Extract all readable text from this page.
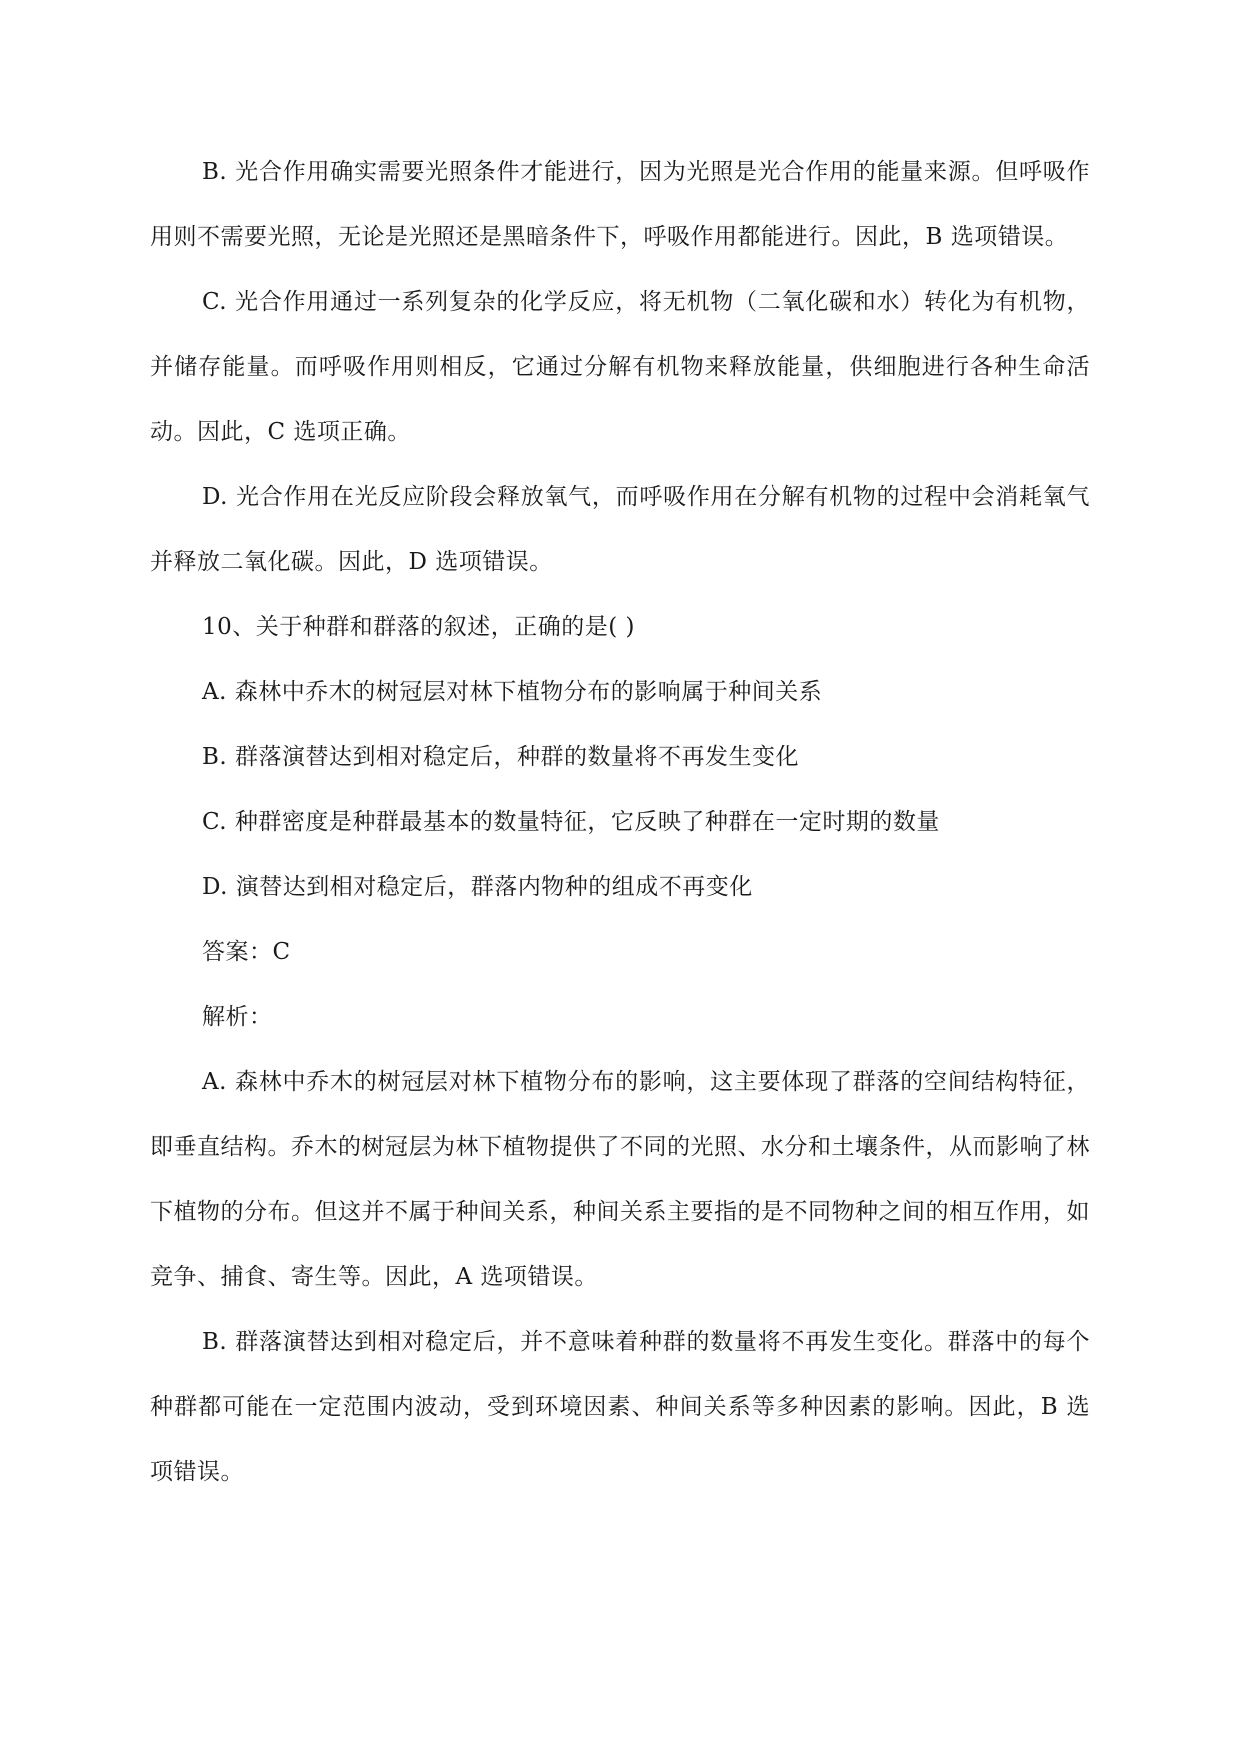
B. 光合作用确实需要光照条件才能进行，因为光照是光合作用的能量来源。但呼吸作用则不需要光照，无论是光照还是黑暗条件下，呼吸作用都能进行。因此，B 选项错误。

C. 光合作用通过一系列复杂的化学反应，将无机物（二氧化碳和水）转化为有机物，并储存能量。而呼吸作用则相反，它通过分解有机物来释放能量，供细胞进行各种生命活动。因此，C 选项正确。

D. 光合作用在光反应阶段会释放氧气，而呼吸作用在分解有机物的过程中会消耗氧气并释放二氧化碳。因此，D 选项错误。

10、关于种群和群落的叙述，正确的是( )

A. 森林中乔木的树冠层对林下植物分布的影响属于种间关系

B. 群落演替达到相对稳定后，种群的数量将不再发生变化

C. 种群密度是种群最基本的数量特征，它反映了种群在一定时期的数量

D. 演替达到相对稳定后，群落内物种的组成不再变化

答案：C

解析：

A. 森林中乔木的树冠层对林下植物分布的影响，这主要体现了群落的空间结构特征，即垂直结构。乔木的树冠层为林下植物提供了不同的光照、水分和土壤条件，从而影响了林下植物的分布。但这并不属于种间关系，种间关系主要指的是不同物种之间的相互作用，如竞争、捕食、寄生等。因此，A 选项错误。

B. 群落演替达到相对稳定后，并不意味着种群的数量将不再发生变化。群落中的每个种群都可能在一定范围内波动，受到环境因素、种间关系等多种因素的影响。因此，B 选项错误。
